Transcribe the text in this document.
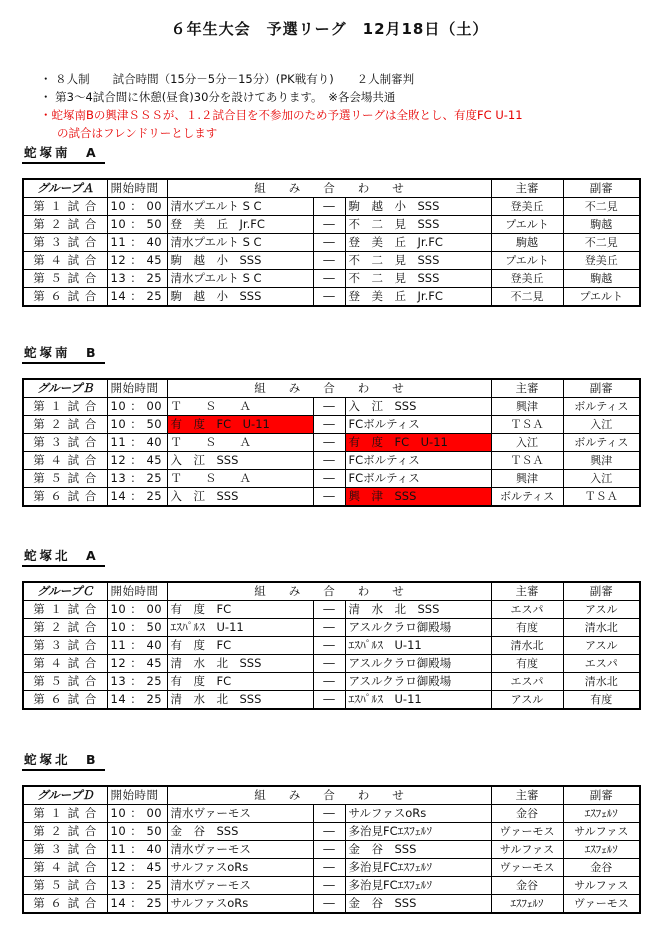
６年生大会　予選リーグ　12月18日（土）
・ ８人制　　試合時間（15分－5分－15分）(PK戦有り)　　２人制審判
・ 第3～4試合間に休憩(昼食)30分を設けてあります。　※各会場共通
・蛇塚南Bの興津ＳＳＳが、１.２試合目を不参加のため予選リーグは全敗とし、有度FC U-11
の試合はフレンドリーとします
蛇塚南　A
グループＡ	開始時間	組　　み　　合　　わ　　せ			主審	副審
第 １ 試 合	10 ： 00	清水プエルト S C	―	駒　越　小　SSS	登美丘	不二見
第 ２ 試 合	10 ： 50	登　美　丘　Jr.FC	―	不　二　見　SSS	プエルト	駒越
第 ３ 試 合	11 ： 40	清水プエルト S C	―	登　美　丘　Jr.FC	駒越	不二見
第 ４ 試 合	12 ： 45	駒　越　小　SSS	―	不　二　見　SSS	プエルト	登美丘
第 ５ 試 合	13 ： 25	清水プエルト S C	―	不　二　見　SSS	登美丘	駒越
第 ６ 試 合	14 ： 25	駒　越　小　SSS	―	登　美　丘　Jr.FC	不二見	プエルト
蛇塚南　B
グループＢ	開始時間	組　　み　　合　　わ　　せ			主審	副審
第 １ 試 合	10 ： 00	Ｔ　　Ｓ　　Ａ	―	入　江　SSS	興津	ボルティス
第 ２ 試 合	10 ： 50	有　度　FC　U-11	―	FCボルティス	ＴＳＡ	入江
第 ３ 試 合	11 ： 40	Ｔ　　Ｓ　　Ａ	―	有　度　FC　U-11	入江	ボルティス
第 ４ 試 合	12 ： 45	入　江　SSS	―	FCボルティス	ＴＳＡ	興津
第 ５ 試 合	13 ： 25	Ｔ　　Ｓ　　Ａ	―	FCボルティス	興津	入江
第 ６ 試 合	14 ： 25	入　江　SSS	―	興　津　SSS	ボルティス	ＴＳＡ
蛇塚北　A
グループＣ	開始時間	組　　み　　合　　わ　　せ			主審	副審
第 １ 試 合	10 ： 00	有　度　FC	―	清　水　北　SSS	エスパ	アスル
第 ２ 試 合	10 ： 50	ｴｽﾊﾟﾙｽ　U-11	―	アスルクラロ御殿場	有度	清水北
第 ３ 試 合	11 ： 40	有　度　FC	―	ｴｽﾊﾟﾙｽ　U-11	清水北	アスル
第 ４ 試 合	12 ： 45	清　水　北　SSS	―	アスルクラロ御殿場	有度	エスパ
第 ５ 試 合	13 ： 25	有　度　FC	―	アスルクラロ御殿場	エスパ	清水北
第 ６ 試 合	14 ： 25	清　水　北　SSS	―	ｴｽﾊﾟﾙｽ　U-11	アスル	有度
蛇塚北　B
グループＤ	開始時間	組　　み　　合　　わ　　せ			主審	副審
第 １ 試 合	10 ： 00	清水ヴァーモス	―	サルファスoRs	金谷	ｴｽﾌｪﾙｿ
第 ２ 試 合	10 ： 50	金　谷　SSS	―	多治見FCｴｽﾌｪﾙｿ	ヴァーモス	サルファス
第 ３ 試 合	11 ： 40	清水ヴァーモス	―	金　谷　SSS	サルファス	ｴｽﾌｪﾙｿ
第 ４ 試 合	12 ： 45	サルファスoRs	―	多治見FCｴｽﾌｪﾙｿ	ヴァーモス	金谷
第 ５ 試 合	13 ： 25	清水ヴァーモス	―	多治見FCｴｽﾌｪﾙｿ	金谷	サルファス
第 ６ 試 合	14 ： 25	サルファスoRs	―	金　谷　SSS	ｴｽﾌｪﾙｿ	ヴァーモス
